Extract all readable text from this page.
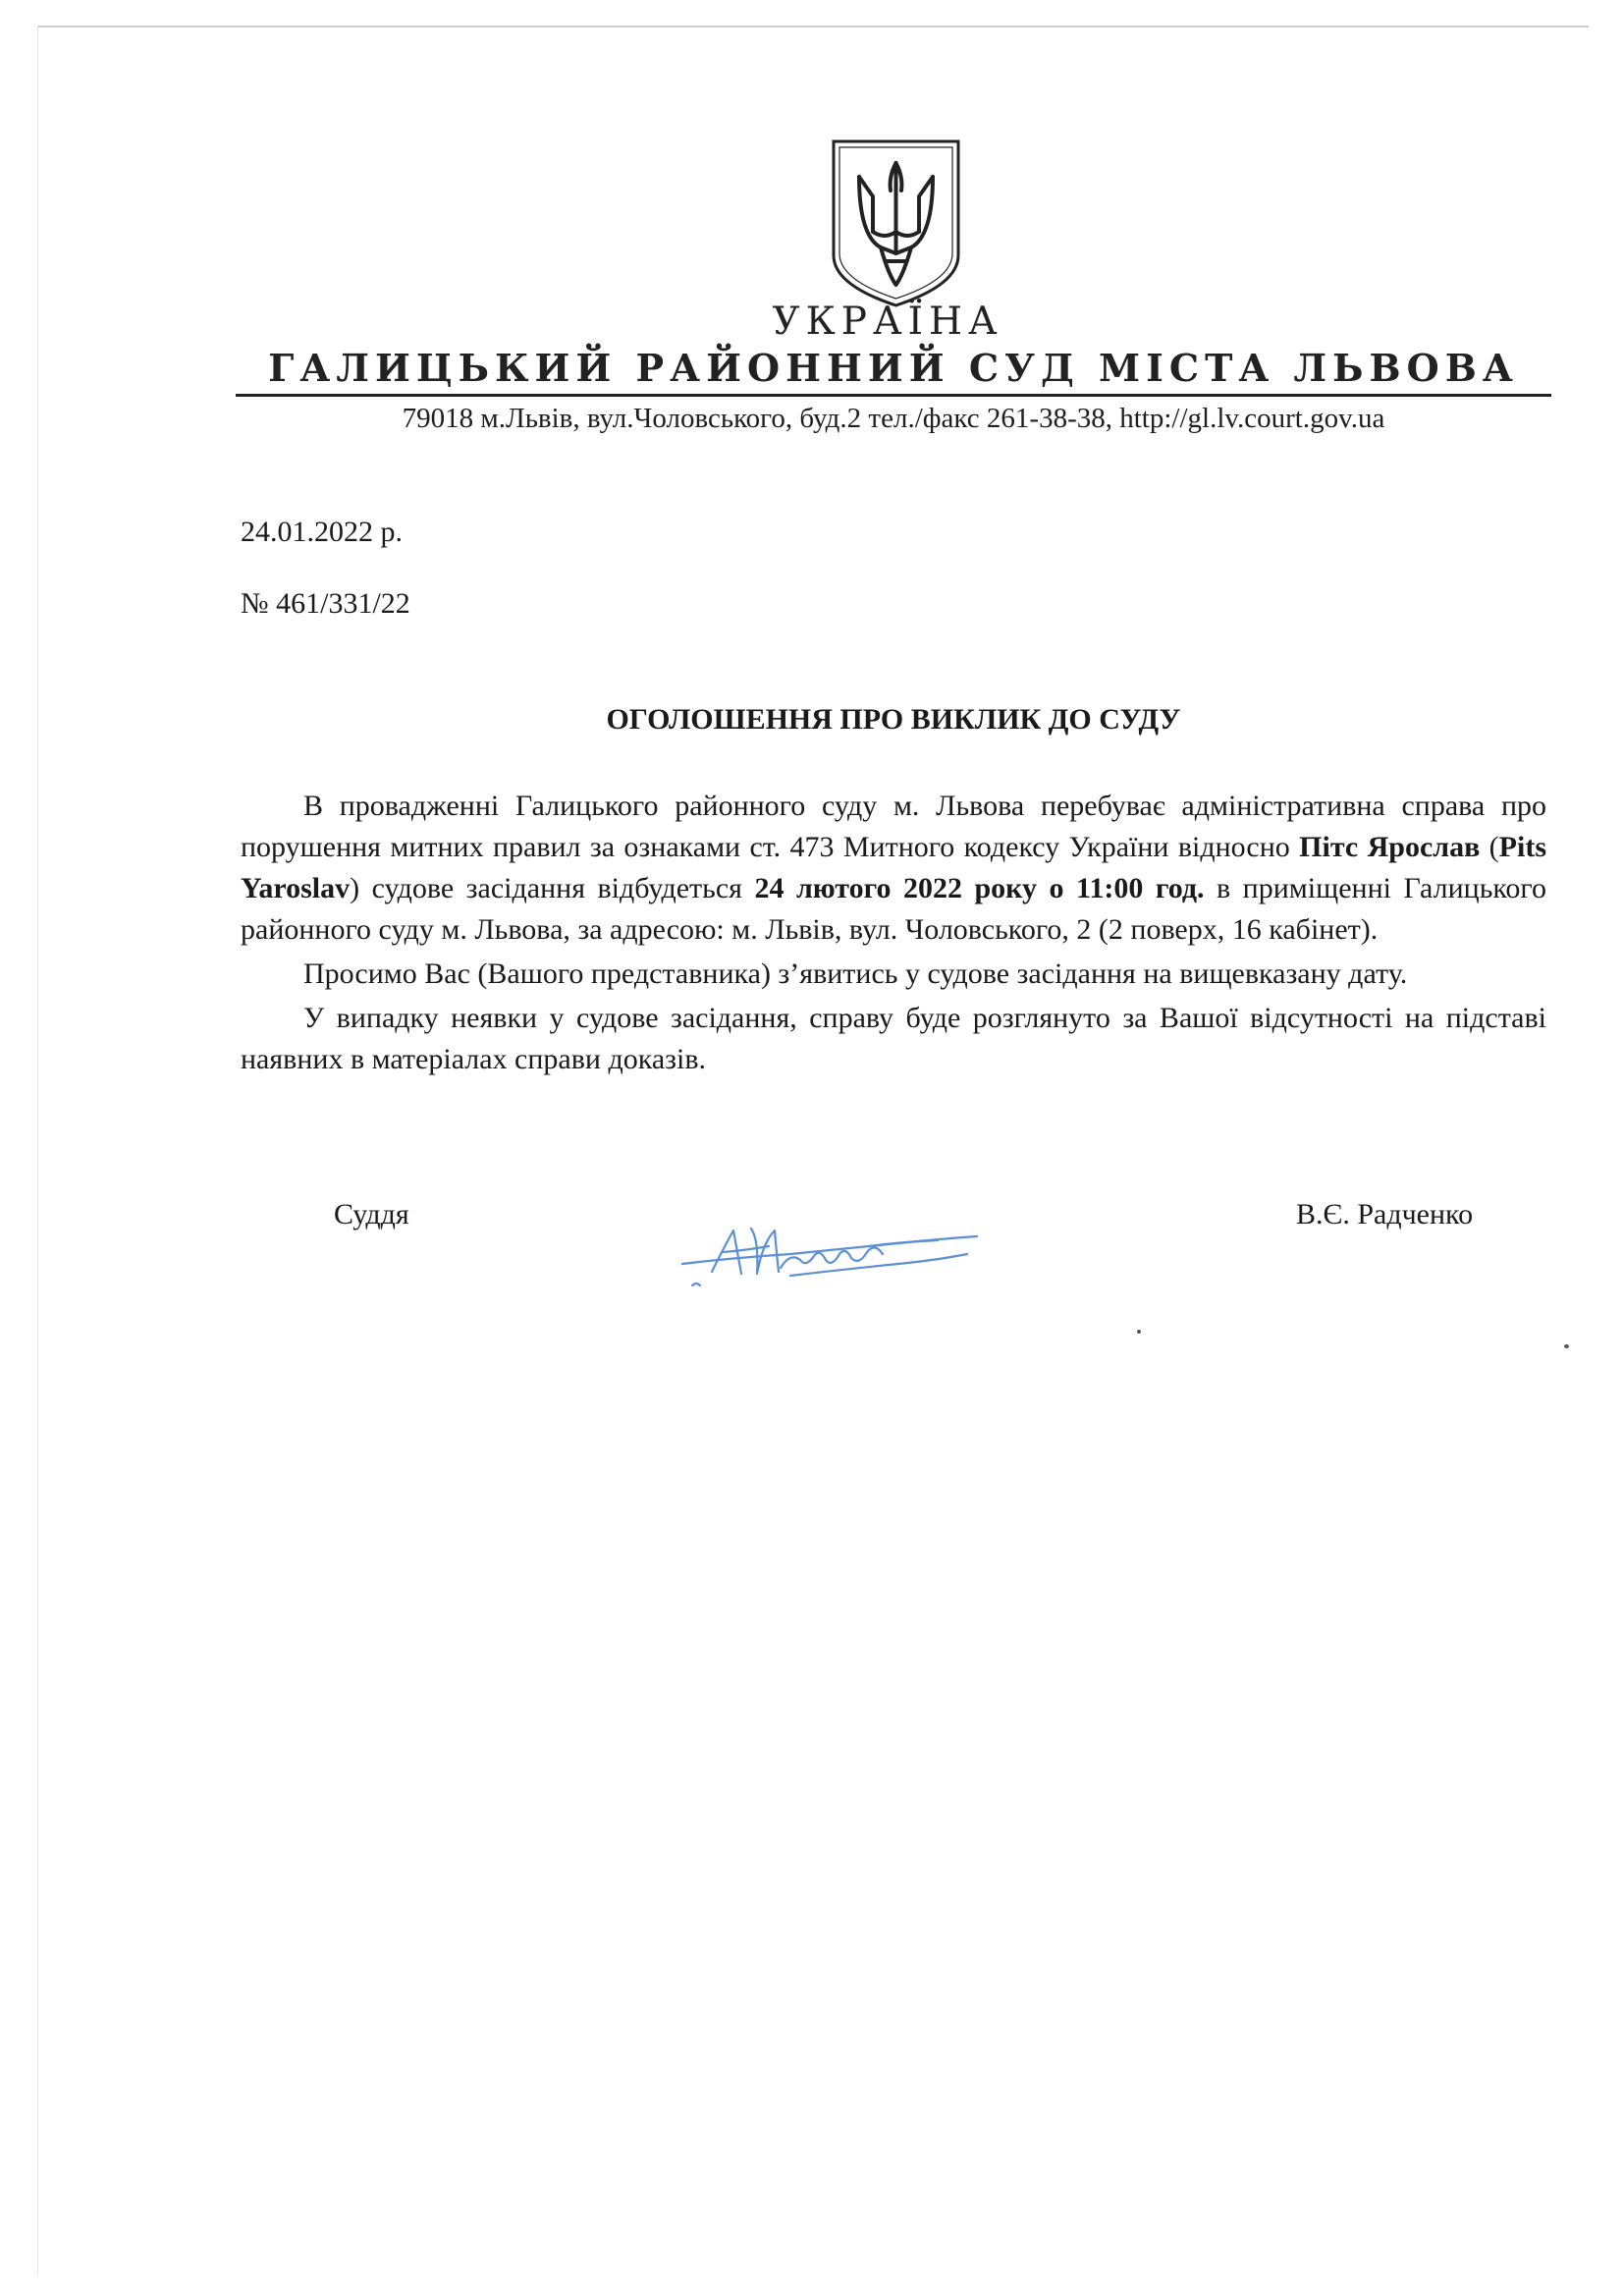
УКРАЇНА
ГАЛИЦЬКИЙ РАЙОННИЙ СУД МІСТА ЛЬВОВА
79018 м.Львів, вул.Чоловського, буд.2 тел./факс 261-38-38, http://gl.lv.court.gov.ua
24.01.2022 р.
№ 461/331/22
ОГОЛОШЕННЯ ПРО ВИКЛИК ДО СУДУ

В провадженні Галицького районного суду м. Львова перебуває адміністративна справа про порушення митних правил за ознаками ст. 473 Митного кодексу України відносно Пітс Ярослав (Pits Yaroslav) судове засідання відбудеться 24 лютого 2022 року о 11:00 год. в приміщенні Галицького районного суду м. Львова, за адресою: м. Львів, вул. Чоловського, 2 (2 поверх, 16 кабінет).

Просимо Вас (Вашого представника) з’явитись у судове засідання на вищевказану дату.

У випадку неявки у судове засідання, справу буде розглянуто за Вашої відсутності на підставі наявних в матеріалах справи доказів.

Суддя	В.Є. Радченко
